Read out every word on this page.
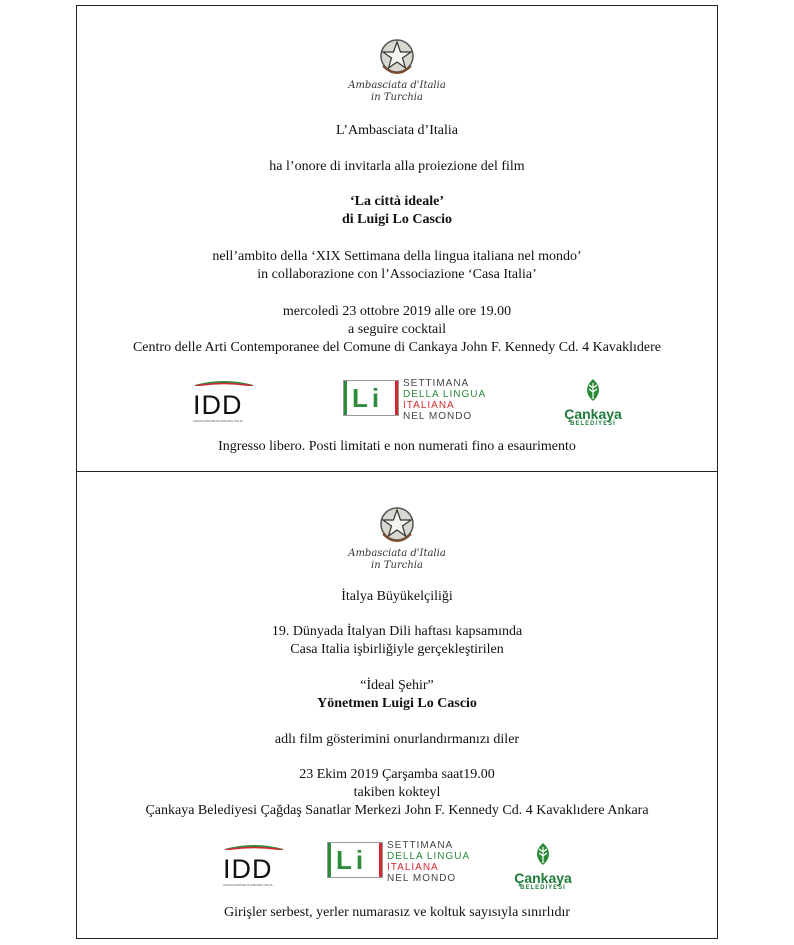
Ambasciata d'Italia
in Turchia
L’Ambasciata d’Italia
ha l’onore di invitarla alla proiezione del film
‘La città ideale’
di Luigi Lo Cascio
nell’ambito della ‘XIX Settimana della lingua italiana nel mondo’
in collaborazione con l’Associazione ‘Casa Italia’
mercoledì 23 ottobre 2019 alle ore 19.00
a seguire cocktail
Centro delle Arti Contemporanee del Comune di Cankaya John F. Kennedy Cd. 4 Kavaklıdere
IDD
ASSOCIAZIONE DI AMICIZIA ITALIA
Li SETTIMANA
DELLA LINGUA
ITALIANA
NEL MONDO	Çankaya
BELEDİYESİ
Ingresso libero. Posti limitati e non numerati fino a esaurimento
Ambasciata d'Italia
in Turchia
İtalya Büyükelçiliği
19. Dünyada İtalyan Dili haftası kapsamında
Casa Italia işbirliğiyle gerçekleştirilen
“İdeal Şehir”
Yönetmen Luigi Lo Cascio
adlı film gösterimini onurlandırmanızı diler
23 Ekim 2019 Çarşamba saat19.00
takiben kokteyl
Çankaya Belediyesi Çağdaş Sanatlar Merkezi John F. Kennedy Cd. 4 Kavaklıdere Ankara
IDD
ASSOCIAZIONE DI AMICIZIA ITALIA
Li SETTIMANA
DELLA LINGUA
ITALIANA
NEL MONDO	Çankaya
BELEDİYESİ
Girişler serbest, yerler numarasız ve koltuk sayısıyla sınırlıdır
